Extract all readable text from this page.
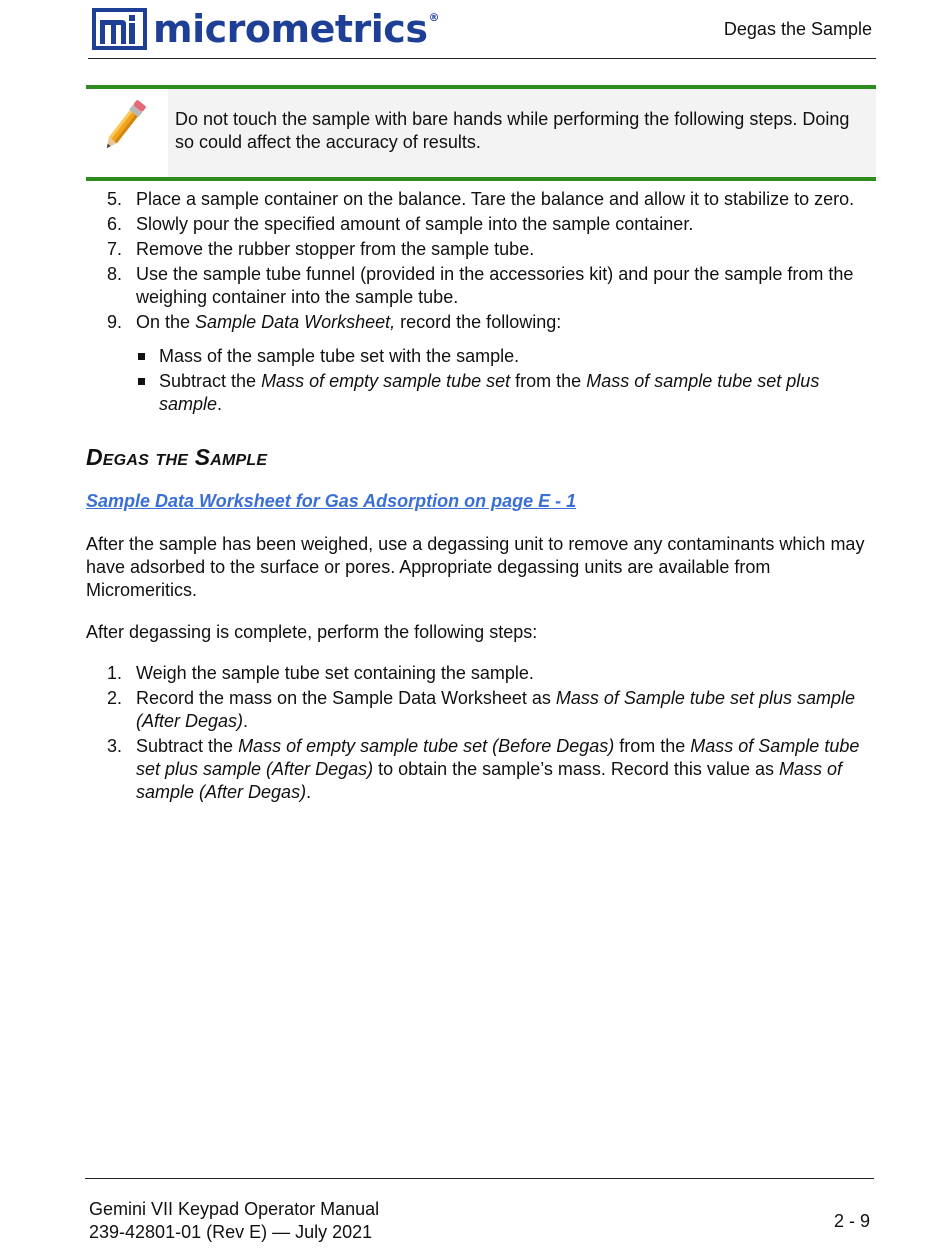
micrometrics®
Degas the Sample
Do not touch the sample with bare hands while performing the following steps. Doing so could affect the accuracy of results.
5. Place a sample container on the balance. Tare the balance and allow it to stabilize to zero.
6. Slowly pour the specified amount of sample into the sample container.
7. Remove the rubber stopper from the sample tube.
8. Use the sample tube funnel (provided in the accessories kit) and pour the sample from the weighing container into the sample tube.
9. On the Sample Data Worksheet, record the following:
Mass of the sample tube set with the sample.
Subtract the Mass of empty sample tube set from the Mass of sample tube set plus sample.
Degas the Sample
Sample Data Worksheet for Gas Adsorption on page E - 1
After the sample has been weighed, use a degassing unit to remove any contaminants which may have adsorbed to the surface or pores. Appropriate degassing units are available from Micromeritics.
After degassing is complete, perform the following steps:
1. Weigh the sample tube set containing the sample.
2. Record the mass on the Sample Data Worksheet as Mass of Sample tube set plus sample (After Degas).
3. Subtract the Mass of empty sample tube set (Before Degas) from the Mass of Sample tube set plus sample (After Degas) to obtain the sample’s mass. Record this value as Mass of sample (After Degas).
Gemini VII Keypad Operator Manual
239-42801-01 (Rev E) — July 2021
2 - 9
